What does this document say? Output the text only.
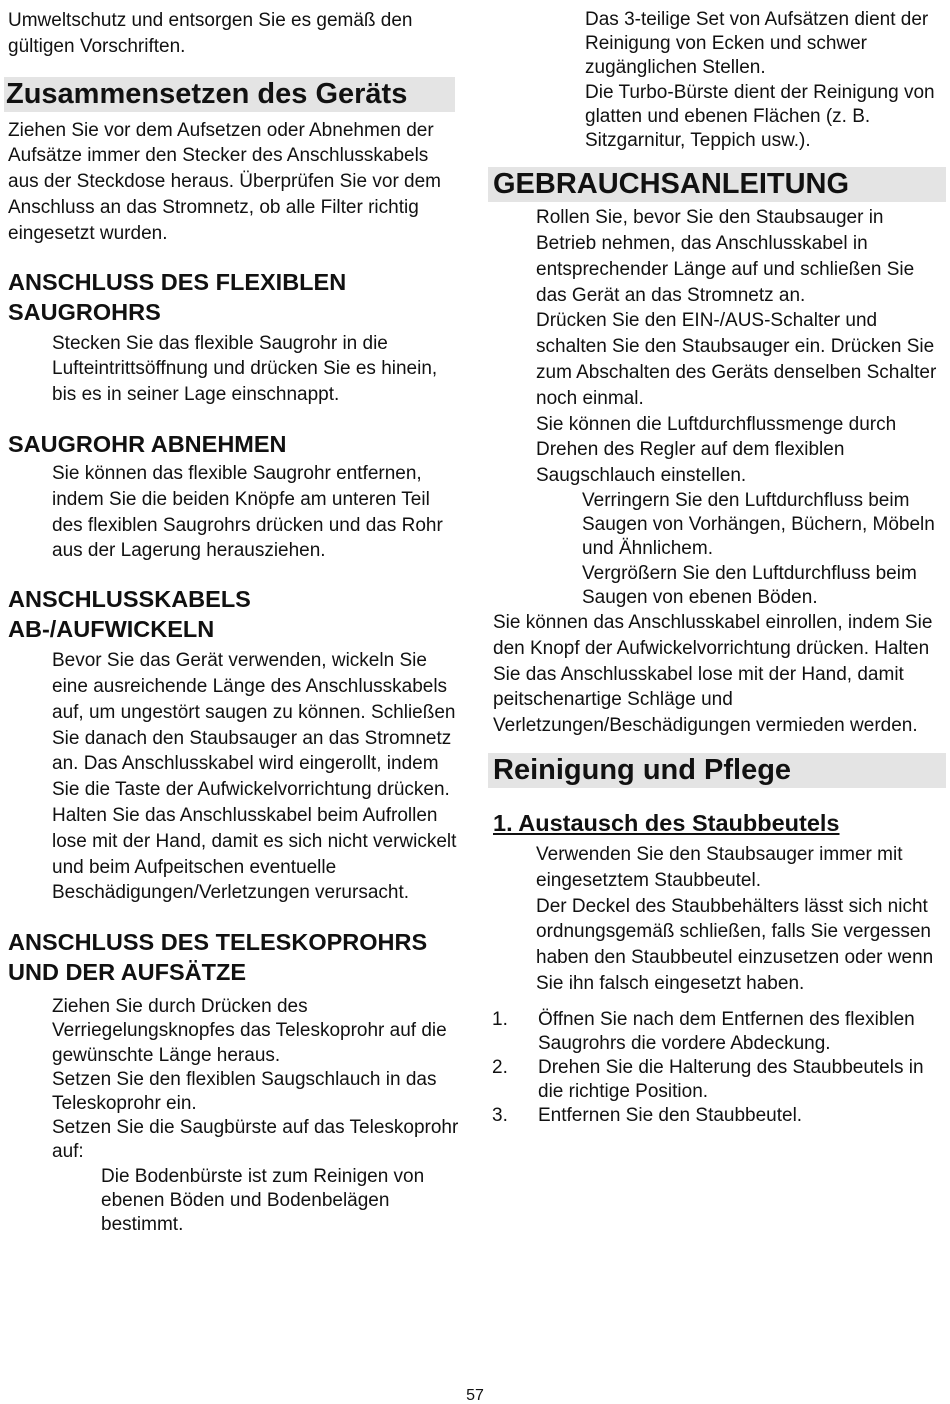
Umweltschutz und entsorgen Sie es gemäß den gültigen Vorschriften.

Zusammensetzen des Geräts

Ziehen Sie vor dem Aufsetzen oder Abnehmen der Aufsätze immer den Stecker des Anschlusskabels aus der Steckdose heraus. Überprüfen Sie vor dem Anschluss an das Stromnetz, ob alle Filter richtig eingesetzt wurden.

ANSCHLUSS DES FLEXIBLEN SAUGROHRS

Stecken Sie das flexible Saugrohr in die Lufteintrittsöffnung und drücken Sie es hinein, bis es in seiner Lage einschnappt.

SAUGROHR ABNEHMEN

Sie können das flexible Saugrohr entfernen, indem Sie die beiden Knöpfe am unteren Teil des flexiblen Saugrohrs drücken und das Rohr aus der Lagerung herausziehen.

ANSCHLUSSKABELS AB-/AUFWICKELN

Bevor Sie das Gerät verwenden, wickeln Sie eine ausreichende Länge des Anschlusskabels auf, um ungestört saugen zu können. Schließen Sie danach den Staubsauger an das Stromnetz an. Das Anschlusskabel wird eingerollt, indem Sie die Taste der Aufwickelvorrichtung drücken. Halten Sie das Anschlusskabel beim Aufrollen lose mit der Hand, damit es sich nicht verwickelt und beim Aufpeitschen eventuelle Beschädigungen/Verletzungen verursacht.

ANSCHLUSS DES TELESKOPROHRS UND DER AUFSÄTZE

Ziehen Sie durch Drücken des Verriegelungsknopfes das Teleskoprohr auf die gewünschte Länge heraus.

Setzen Sie den flexiblen Saugschlauch in das Teleskoprohr ein.

Setzen Sie die Saugbürste auf das Teleskoprohr auf:

Die Bodenbürste ist zum Reinigen von ebenen Böden und Bodenbelägen bestimmt.

Das 3-teilige Set von Aufsätzen dient der Reinigung von Ecken und schwer zugänglichen Stellen.

Die Turbo-Bürste dient der Reinigung von glatten und ebenen Flächen (z. B. Sitzgarnitur, Teppich usw.).

GEBRAUCHSANLEITUNG

Rollen Sie, bevor Sie den Staubsauger in Betrieb nehmen, das Anschlusskabel in entsprechender Länge auf und schließen Sie das Gerät an das Stromnetz an.

Drücken Sie den EIN-/AUS-Schalter und schalten Sie den Staubsauger ein. Drücken Sie zum Abschalten des Geräts denselben Schalter noch einmal.

Sie können die Luftdurchflussmenge durch Drehen des Regler auf dem flexiblen Saugschlauch einstellen.

Verringern Sie den Luftdurchfluss beim Saugen von Vorhängen, Büchern, Möbeln und Ähnlichem.

Vergrößern Sie den Luftdurchfluss beim Saugen von ebenen Böden.

Sie können das Anschlusskabel einrollen, indem Sie den Knopf der Aufwickelvorrichtung drücken. Halten Sie das Anschlusskabel lose mit der Hand, damit peitschenartige Schläge und Verletzungen/Beschädigungen vermieden werden.

Reinigung und Pflege
1. Austausch des Staubbeutels

Verwenden Sie den Staubsauger immer mit eingesetztem Staubbeutel.

Der Deckel des Staubbehälters lässt sich nicht ordnungsgemäß schließen, falls Sie vergessen haben den Staubbeutel einzusetzen oder wenn Sie ihn falsch eingesetzt haben.

1.	Öffnen Sie nach dem Entfernen des flexiblen Saugrohrs die vordere Abdeckung.
2.	Drehen Sie die Halterung des Staubbeutels in die richtige Position.
3.	Entfernen Sie den Staubbeutel.
57
